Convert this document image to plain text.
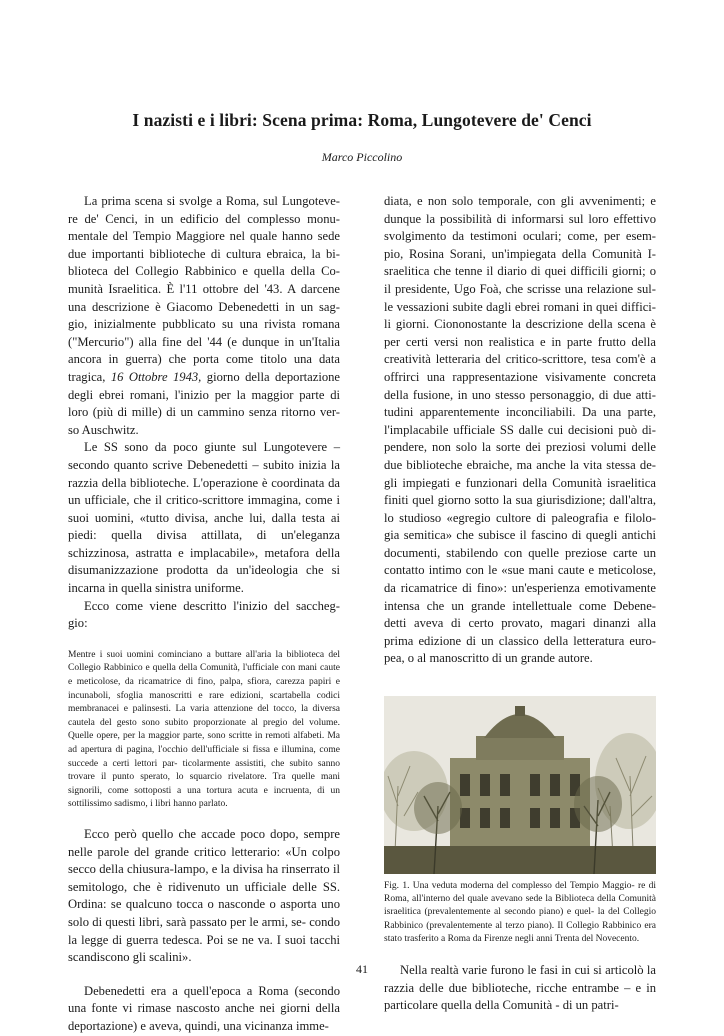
I nazisti e i libri: Scena prima: Roma, Lungotevere de' Cenci
Marco Piccolino

La prima scena si svolge a Roma, sul Lungoteve- re de' Cenci, in un edificio del complesso monu- mentale del Tempio Maggiore nel quale hanno sede due importanti biblioteche di cultura ebraica, la bi- blioteca del Collegio Rabbinico e quella della Co- munità Israelitica. È l'11 ottobre del '43. A darcene una descrizione è Giacomo Debenedetti in un sag- gio, inizialmente pubblicato su una rivista romana ("Mercurio") alla fine del '44 (e dunque in un'Italia ancora in guerra) che porta come titolo una data tragica, 16 Ottobre 1943, giorno della deportazione degli ebrei romani, l'inizio per la maggior parte di loro (più di mille) di un cammino senza ritorno ver- so Auschwitz.

Le SS sono da poco giunte sul Lungotevere – secondo quanto scrive Debenedetti – subito inizia la razzia della biblioteche. L'operazione è coordinata da un ufficiale, che il critico-scrittore immagina, come i suoi uomini, «tutto divisa, anche lui, dalla testa ai piedi: quella divisa attillata, di un'eleganza schizzinosa, astratta e implacabile», metafora della disumanizzazione prodotta da un'ideologia che si incarna in quella sinistra uniforme.

Ecco come viene descritto l'inizio del saccheg- gio:

Mentre i suoi uomini cominciano a buttare all'aria la biblioteca del Collegio Rabbinico e quella della Comunità, l'ufficiale con mani caute e meticolose, da ricamatrice di fino, palpa, sfiora, carezza papiri e incunaboli, sfoglia manoscritti e rare edizioni, scartabella codici membranacei e palinsesti. La varia attenzione del tocco, la diversa cautela del gesto sono subito proporzionate al pregio del volume. Quelle opere, per la maggior parte, sono scritte in remoti alfabeti. Ma ad apertura di pagina, l'occhio dell'ufficiale si fissa e illumina, come succede a certi lettori par- ticolarmente assistiti, che subito sanno trovare il punto sperato, lo squarcio rivelatore. Tra quelle mani signorili, come sottoposti a una tortura acuta e incruenta, di un sottilissimo sadismo, i libri hanno parlato.

Ecco però quello che accade poco dopo, sempre nelle parole del grande critico letterario: «Un colpo secco della chiusura-lampo, e la divisa ha rinserrato il semitologo, che è ridivenuto un ufficiale delle SS. Ordina: se qualcuno tocca o nasconde o asporta uno solo di questi libri, sarà passato per le armi, se- condo la legge di guerra tedesca. Poi se ne va. I suoi tacchi scandiscono gli scalini».

Debenedetti era a quell'epoca a Roma (secondo una fonte vi rimase nascosto anche nei giorni della deportazione) e aveva, quindi, una vicinanza imme-

diata, e non solo temporale, con gli avvenimenti; e dunque la possibilità di informarsi sul loro effettivo svolgimento da testimoni oculari; come, per esem- pio, Rosina Sorani, un'impiegata della Comunità I- sraelitica che tenne il diario di quei difficili giorni; o il presidente, Ugo Foà, che scrisse una relazione sul- le vessazioni subite dagli ebrei romani in quei diffici- li giorni. Ciononostante la descrizione della scena è per certi versi non realistica e in parte frutto della creatività letteraria del critico-scrittore, tesa com'è a offrirci una rappresentazione visivamente concreta della fusione, in uno stesso personaggio, di due atti- tudini apparentemente inconciliabili. Da una parte, l'implacabile ufficiale SS dalle cui decisioni può di- pendere, non solo la sorte dei preziosi volumi delle due biblioteche ebraiche, ma anche la vita stessa de- gli impiegati e funzionari della Comunità israelitica finiti quel giorno sotto la sua giurisdizione; dall'altra, lo studioso «egregio cultore di paleografia e filolo- gia semitica» che subisce il fascino di quegli antichi documenti, stabilendo con quelle preziose carte un contatto intimo con le «sue mani caute e meticolose, da ricamatrice di fino»: un'esperienza emotivamente intensa che un grande intellettuale come Debene- detti aveva di certo provato, magari dinanzi alla prima edizione di un classico della letteratura euro- pea, o al manoscritto di un grande autore.

Fig. 1. Una veduta moderna del complesso del Tempio Maggio- re di Roma, all'interno del quale avevano sede la Biblioteca della Comunità israelitica (prevalentemente al secondo piano) e quel- la del Collegio Rabbinico (prevalentemente al terzo piano). Il Collegio Rabbinico era stato trasferito a Roma da Firenze negli anni Trenta del Novecento.

Nella realtà varie furono le fasi in cui si articolò la razzia delle due biblioteche, ricche entrambe – e in particolare quella della Comunità - di un patri-

41
